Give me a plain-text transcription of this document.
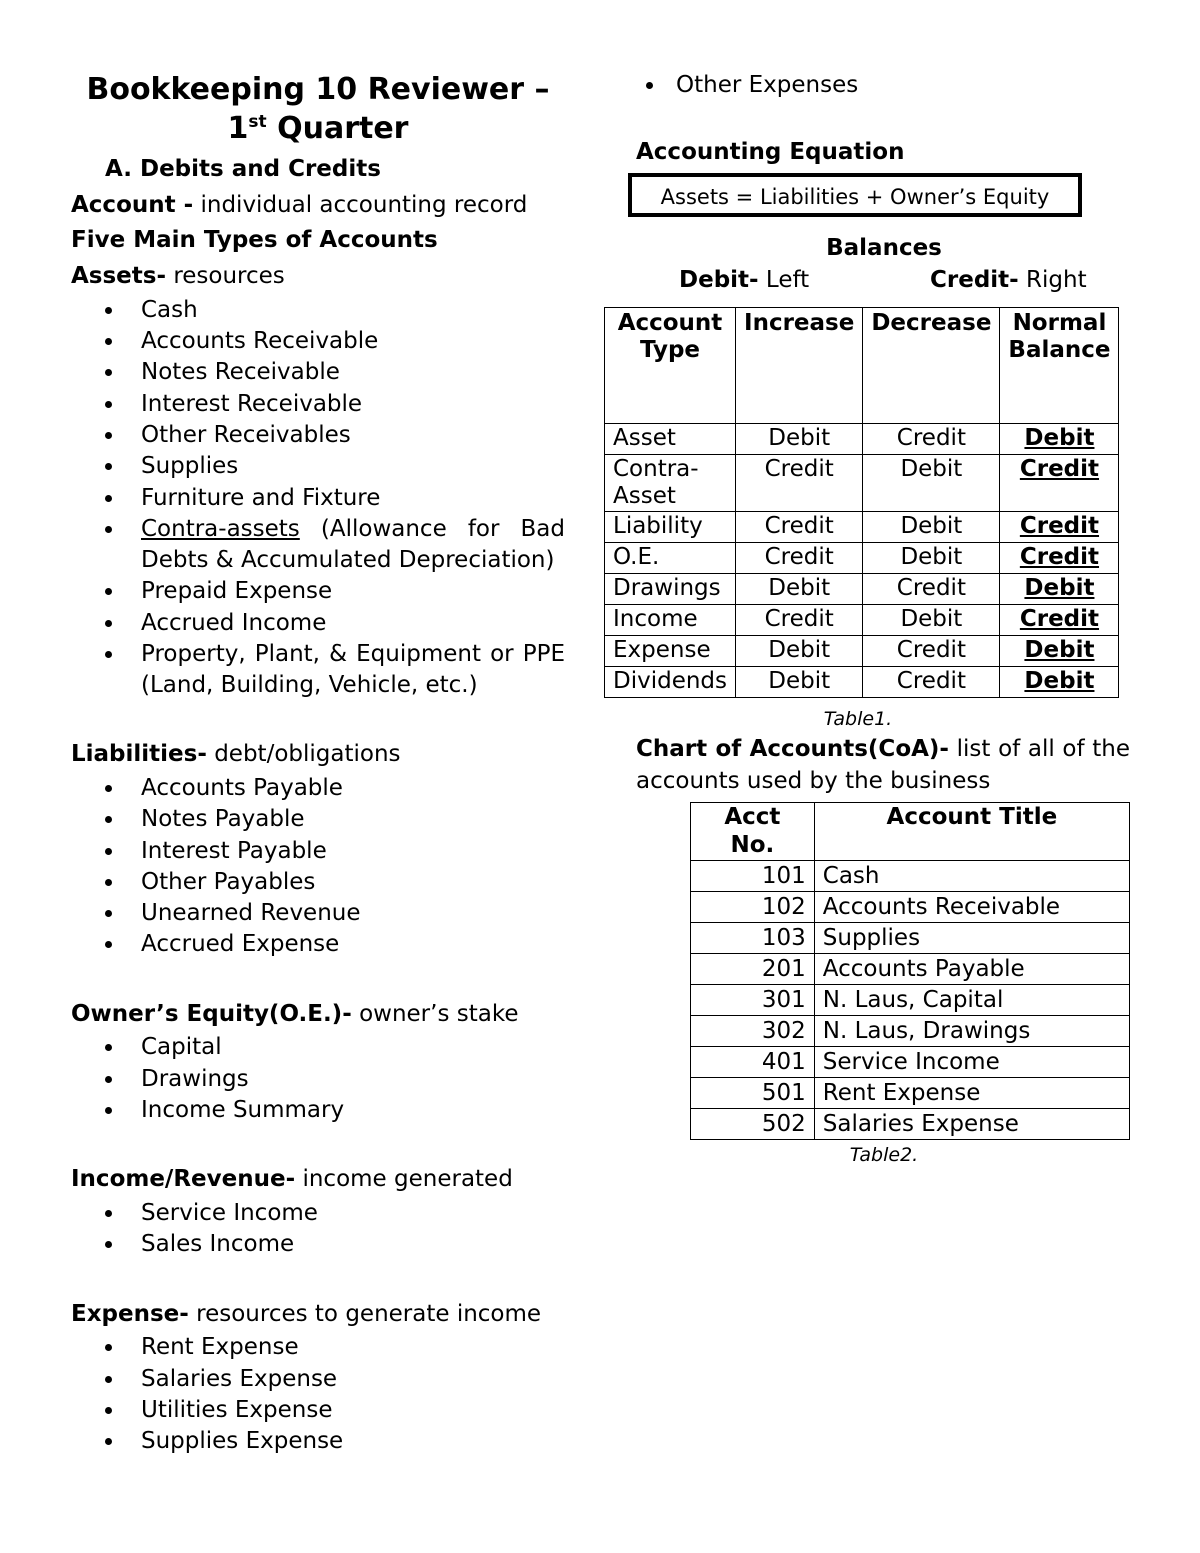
Bookkeeping 10 Reviewer –
1st Quarter
A. Debits and Credits
Account - individual accounting record
Five Main Types of Accounts
Assets- resources
Cash
Accounts Receivable
Notes Receivable
Interest Receivable
Other Receivables
Supplies
Furniture and Fixture
Contra-assets (Allowance for Bad Debts & Accumulated Depreciation)
Prepaid Expense
Accrued Income
Property, Plant, & Equipment or PPE (Land, Building, Vehicle, etc.)
Liabilities- debt/obligations
Accounts Payable
Notes Payable
Interest Payable
Other Payables
Unearned Revenue
Accrued Expense
Owner’s Equity(O.E.)- owner’s stake
Capital
Drawings
Income Summary
Income/Revenue- income generated
Service Income
Sales Income
Expense- resources to generate income
Rent Expense
Salaries Expense
Utilities Expense
Supplies Expense
Other Expenses
Accounting Equation
Assets = Liabilities + Owner’s Equity
Balances
Debit- Left	Credit- Right
Account Type	Increase	Decrease	Normal Balance
Asset	Debit	Credit	Debit
Contra-Asset	Credit	Debit	Credit
Liability	Credit	Debit	Credit
O.E.	Credit	Debit	Credit
Drawings	Debit	Credit	Debit
Income	Credit	Debit	Credit
Expense	Debit	Credit	Debit
Dividends	Debit	Credit	Debit
Table1.
Chart of Accounts(CoA)- list of all of the accounts used by the business
Acct No.	Account Title
101	Cash
102	Accounts Receivable
103	Supplies
201	Accounts Payable
301	N. Laus, Capital
302	N. Laus, Drawings
401	Service Income
501	Rent Expense
502	Salaries Expense
Table2.
